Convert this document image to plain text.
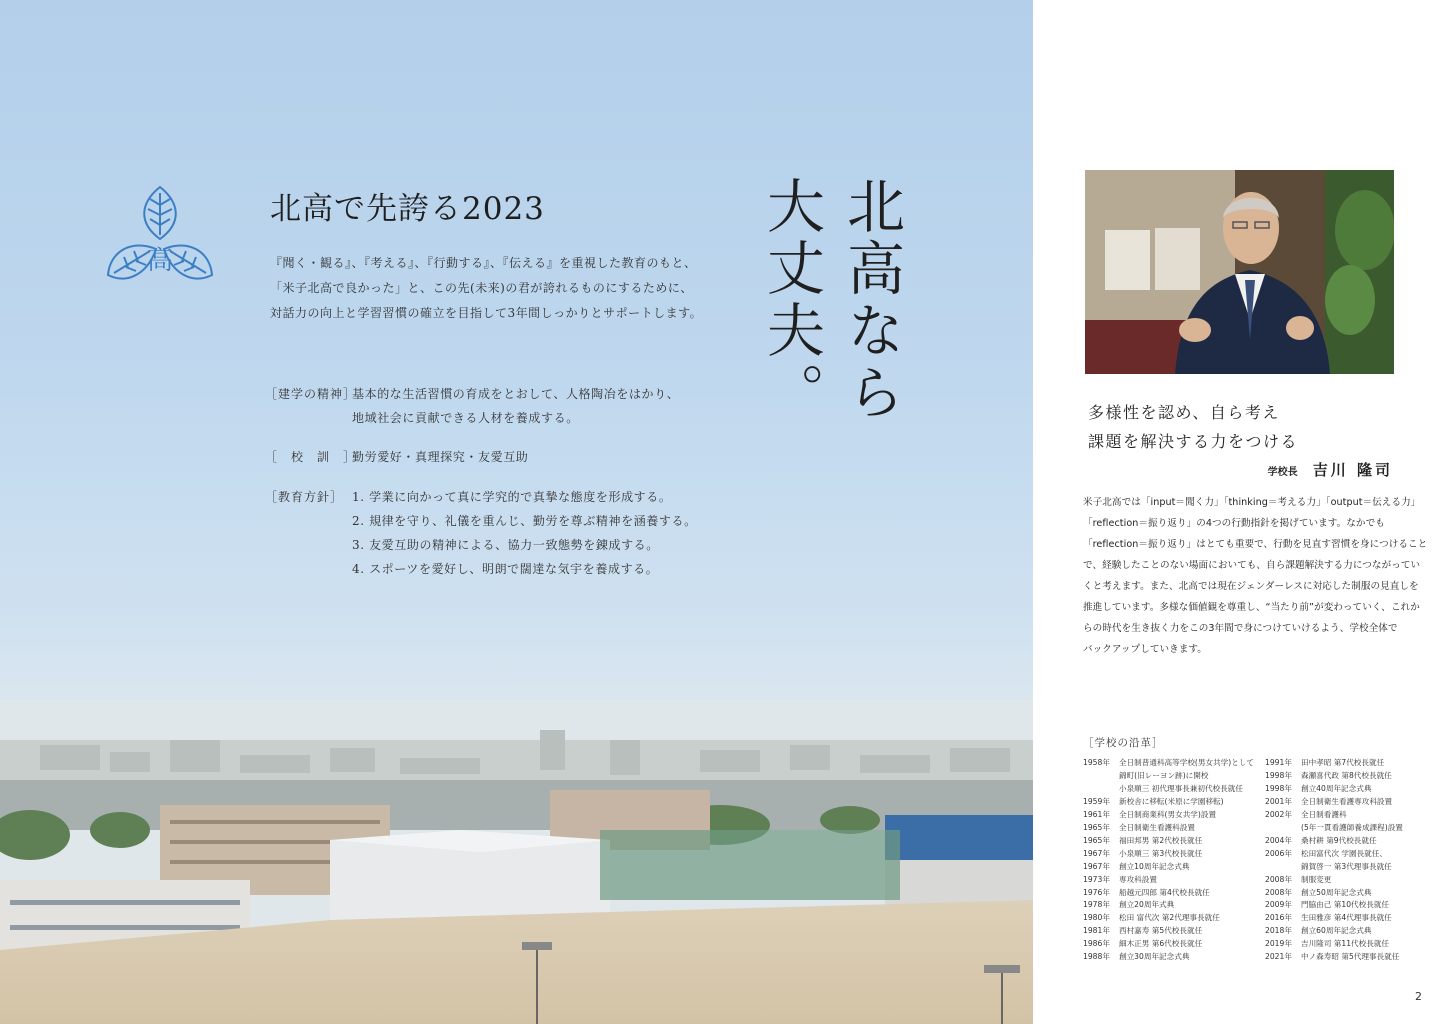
高
北高で先誇る2023
『聞く・観る』、『考える』、『行動する』、『伝える』を重視した教育のもと、
「米子北高で良かった」と、この先(未来)の君が誇れるものにするために、
対話力の向上と学習習慣の確立を目指して3年間しっかりとサポートします。
［建学の精神］
基本的な生活習慣の育成をとおして、人格陶冶をはかり、
地域社会に貢献できる人材を養成する。
［　校　訓　］
勤労愛好・真理探究・友愛互助
［教育方針］ 1. 学業に向かって真に学究的で真摯な態度を形成する。
2. 規律を守り、礼儀を重んじ、勤労を尊ぶ精神を涵養する。
3. 友愛互助の精神による、協力一致態勢を錬成する。
4. スポーツを愛好し、明朗で闊達な気宇を養成する。
大丈夫。 北高なら	多様性を認め、自ら考え
課題を解決する力をつける
学校長 吉川 隆司
米子北高では「input＝聞く力」「thinking＝考える力」「output＝伝える力」
「reflection＝振り返り」の4つの行動指針を掲げています。なかでも
「reflection＝振り返り」はとても重要で、行動を見直す習慣を身につけること
で、経験したことのない場面においても、自ら課題解決する力につながってい
くと考えます。また、北高では現在ジェンダーレスに対応した制服の見直しを
推進しています。多様な価値観を尊重し、“当たり前”が変わっていく、これか
らの時代を生き抜く力をこの3年間で身につけていけるよう、学校全体で
バックアップしていきます。
［学校の沿革］
1958年 全日制普通科高等学校(男女共学)として
錦町(旧レーヨン跡)に開校
小泉順三 初代理事長兼初代校長就任
1959年 新校舎に移転(米原に学園移転)
1961年 全日制商業科(男女共学)設置
1965年 全日制衛生看護科設置
1965年 福田邦男 第2代校長就任
1967年 小泉順三 第3代校長就任
1967年 創立10周年記念式典
1973年 専攻科設置
1976年 船越元四郎 第4代校長就任
1978年 創立20周年式典
1980年 松田 富代次 第2代理事長就任
1981年 西村嘉寿 第5代校長就任
1986年 細木正男 第6代校長就任
1988年 創立30周年記念式典
1991年 田中孝昭 第7代校長就任
1998年 森瀬喜代政 第8代校長就任
1998年 創立40周年記念式典
2001年 全日制衛生看護専攻科設置
2002年 全日制看護科
(5年一貫看護師養成課程)設置
2004年 桑村耕 第9代校長就任
2006年 松田富代次 学園長就任、
錦賀啓一 第3代理事長就任
2008年 制服変更
2008年 創立50周年記念式典
2009年 門脇由己 第10代校長就任
2016年 生田雅彦 第4代理事長就任
2018年 創立60周年記念式典
2019年 吉川隆司 第11代校長就任
2021年 中ノ森寿昭 第5代理事長就任
2
